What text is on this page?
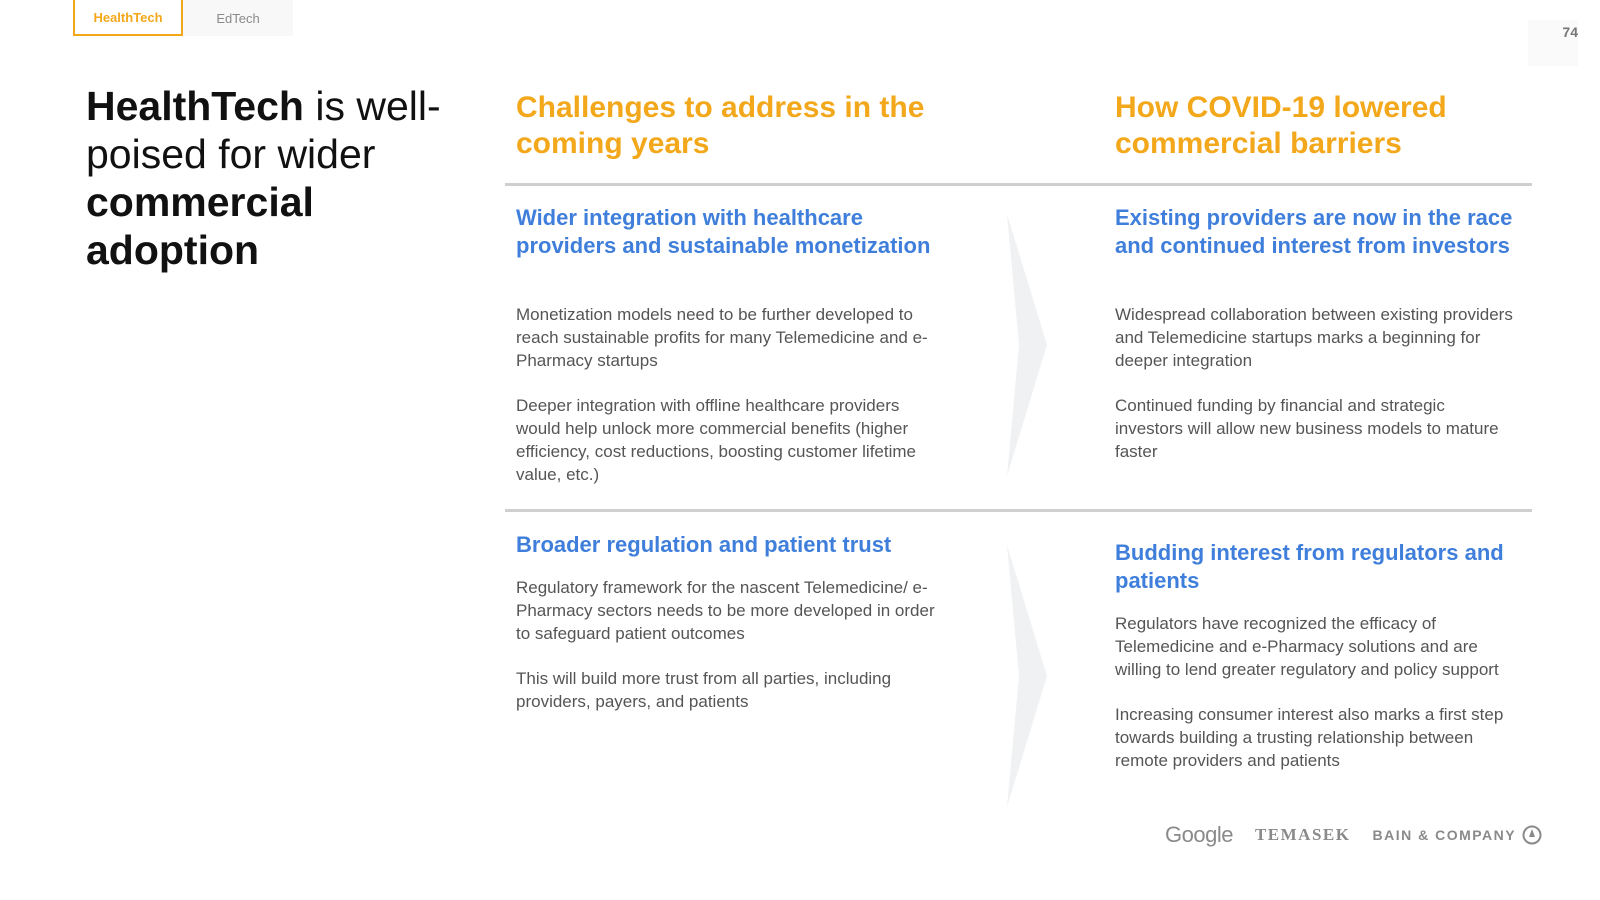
HealthTech	EdTech
74
HealthTech is well-poised for wider commercial adoption
Challenges to address in the coming years
How COVID-19 lowered commercial barriers
Wider integration with healthcare providers and sustainable monetization

Monetization models need to be further developed to reach sustainable profits for many Telemedicine and e-Pharmacy startups

Deeper integration with offline healthcare providers would help unlock more commercial benefits (higher efficiency, cost reductions, boosting customer lifetime value, etc.)

Existing providers are now in the race and continued interest from investors

Widespread collaboration between existing providers and Telemedicine startups marks a beginning for deeper integration

Continued funding by financial and strategic investors will allow new business models to mature faster

Broader regulation and patient trust

Regulatory framework for the nascent Telemedicine/ e-Pharmacy sectors needs to be more developed in order to safeguard patient outcomes

This will build more trust from all parties, including providers, payers, and patients

Budding interest from regulators and patients

Regulators have recognized the efficacy of Telemedicine and e-Pharmacy solutions and are willing to lend greater regulatory and policy support

Increasing consumer interest also marks a first step towards building a trusting relationship between remote providers and patients

Google TEMASEK BAIN & COMPANY
